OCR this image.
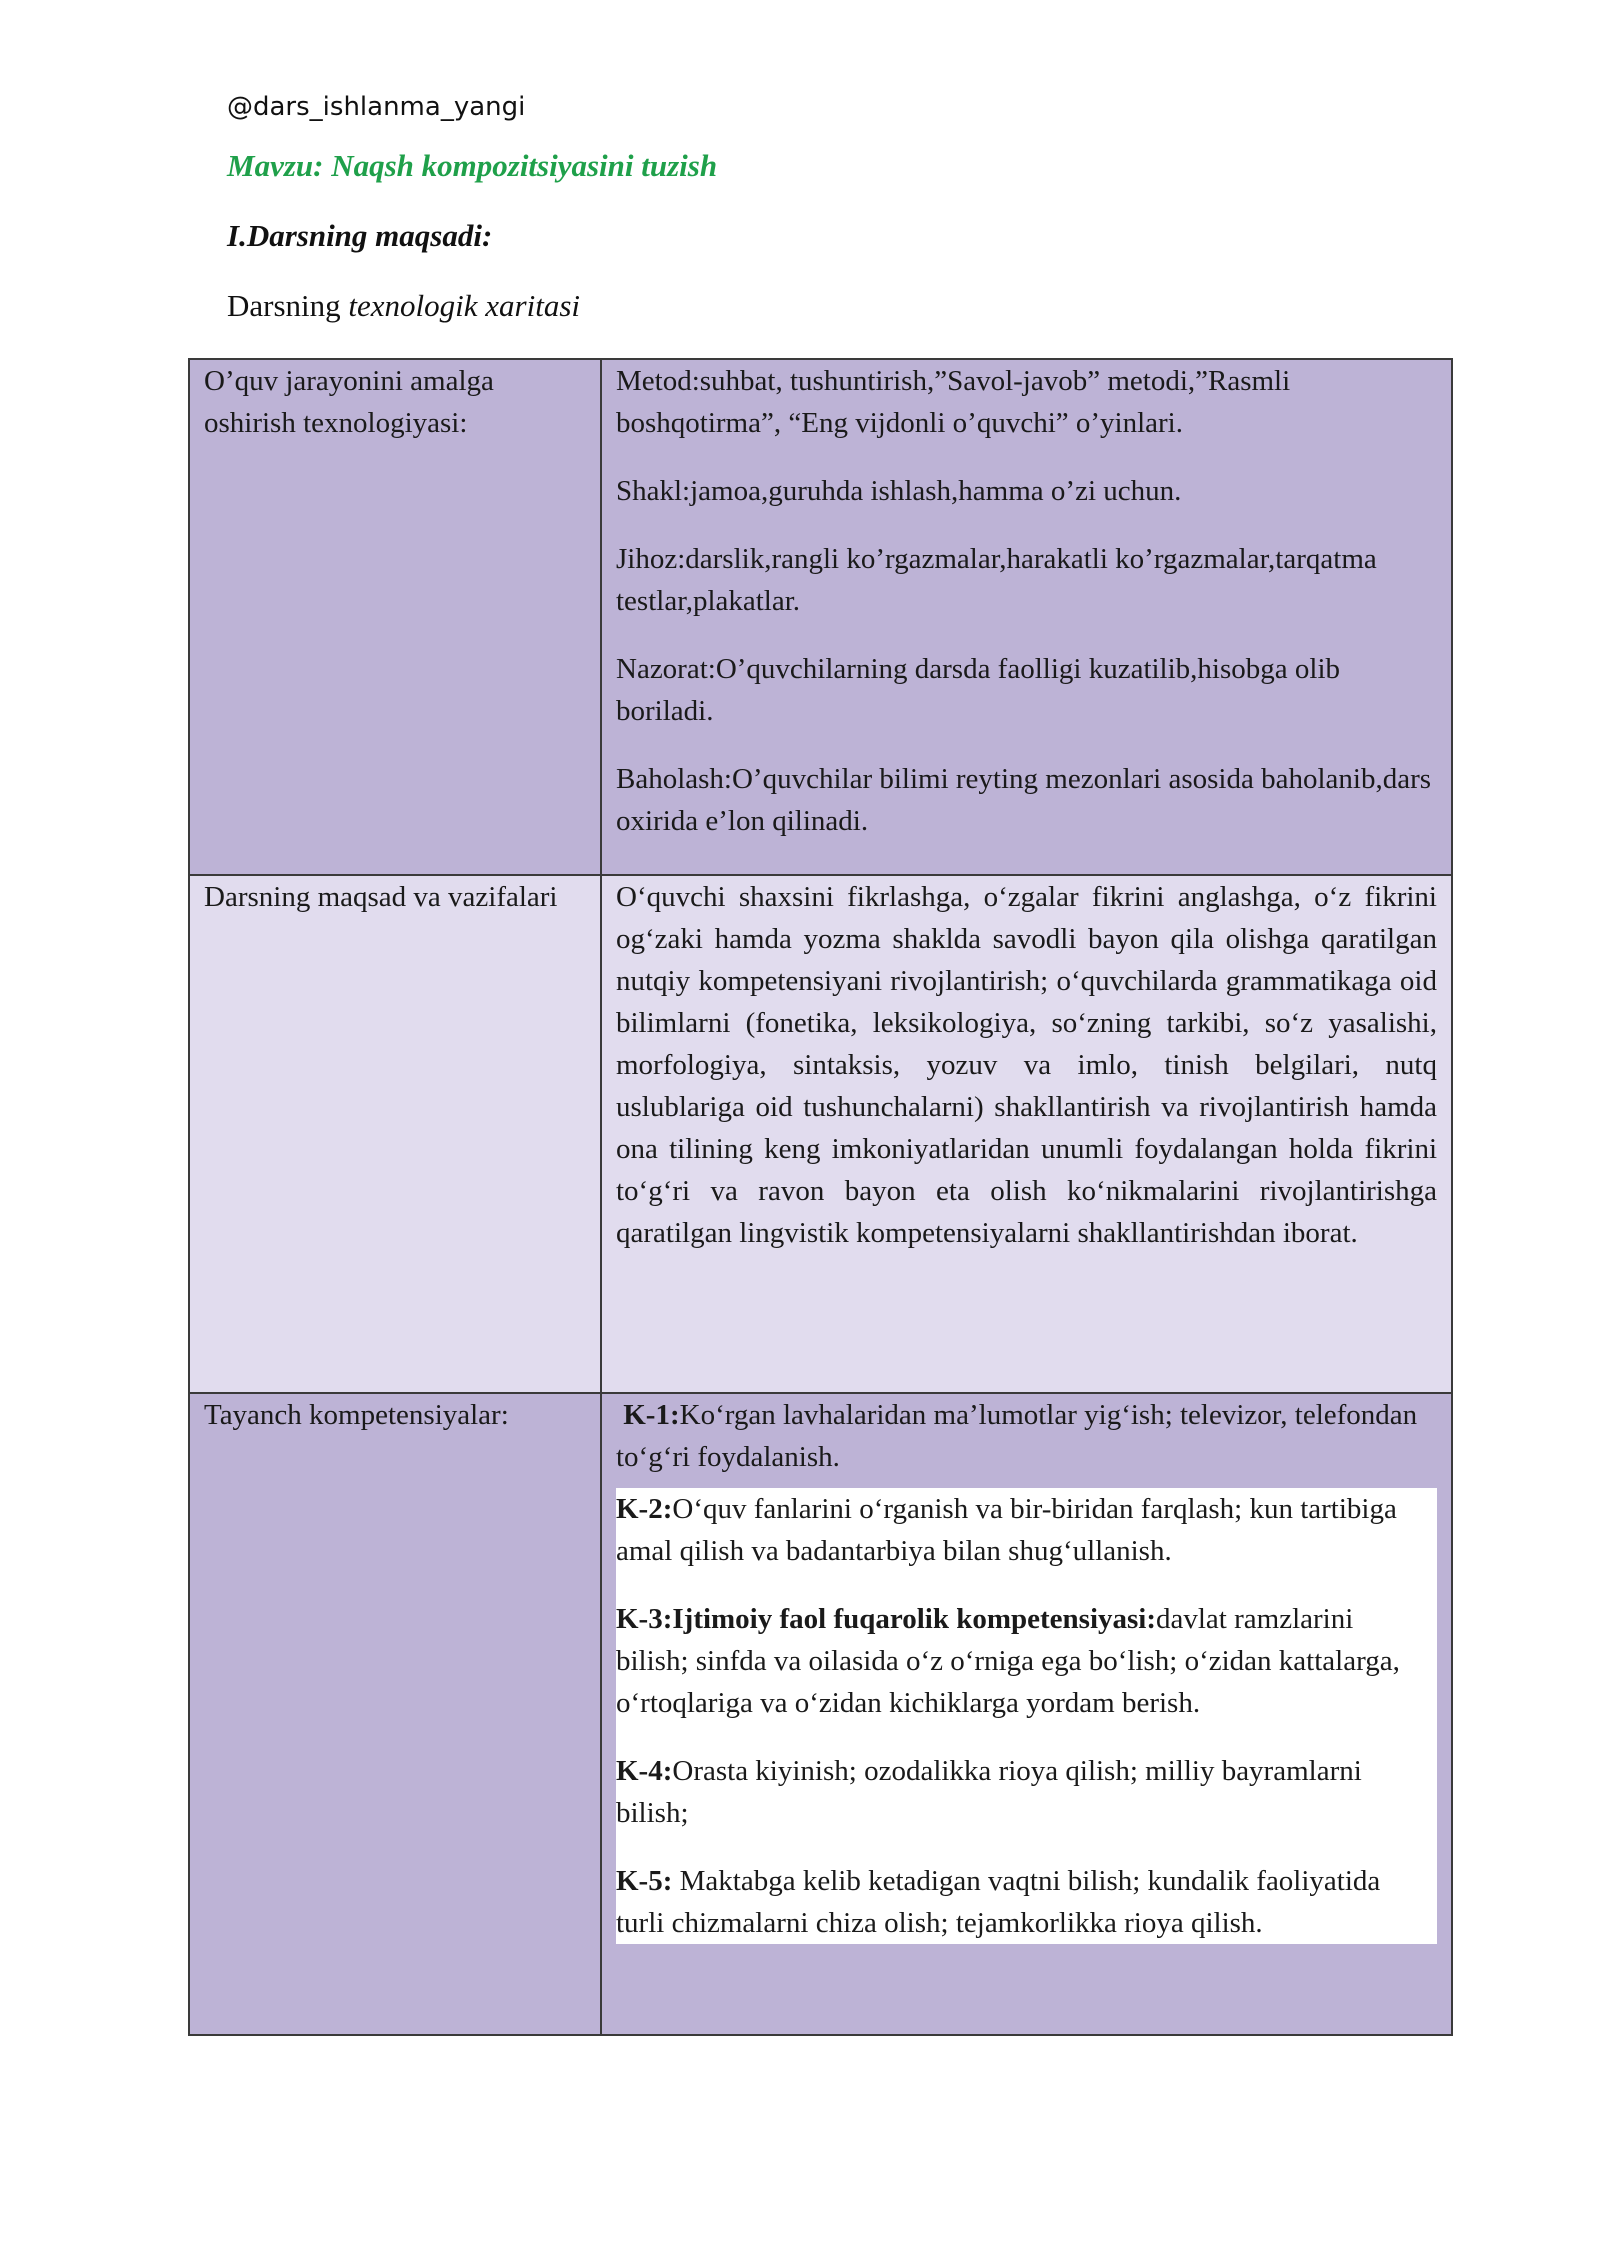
@dars_ishlanma_yangi
Mavzu: Naqsh kompozitsiyasini tuzish
I.Darsning maqsadi:
Darsning texnologik xaritasi
O’quv jarayonini amalga oshirish texnologiyasi:	Metod:suhbat, tushuntirish,”Savol-javob” metodi,”Rasmli boshqotirma”, “Eng vijdonli o’quvchi” o’yinlari.

Shakl:jamoa,guruhda ishlash,hamma o’zi uchun.

Jihoz:darslik,rangli ko’rgazmalar,harakatli ko’rgazmalar,tarqatma testlar,plakatlar.

Nazorat:O’quvchilarning darsda faolligi kuzatilib,hisobga olib boriladi.

Baholash:O’quvchilar bilimi reyting mezonlari asosida baholanib,dars oxirida e’lon qilinadi.

Darsning maqsad va vazifalari	O‘quvchi shaxsini fikrlashga, o‘zgalar fikrini anglashga, o‘z fikrini og‘zaki hamda yozma shaklda savodli bayon qila olishga qaratilgan nutqiy kompetensiyani rivojlantirish; o‘quvchilarda grammatikaga oid bilimlarni (fonetika, leksikologiya, so‘zning tarkibi, so‘z yasalishi, morfologiya, sintaksis, yozuv va imlo, tinish belgilari, nutq uslublariga oid tushunchalarni) shakllantirish va rivojlantirish hamda ona tilining keng imkoniyatlaridan unumli foydalangan holda fikrini to‘g‘ri va ravon bayon eta olish ko‘nikmalarini rivojlantirishga qaratilgan lingvistik kompetensiyalarni shakllantirishdan iborat.
Tayanch kompetensiyalar:	K-1:Ko‘rgan lavhalaridan ma’lumotlar yig‘ish; televizor, telefondan to‘g‘ri foydalanish.

K-2:O‘quv fanlarini o‘rganish va bir-biridan farqlash; kun tartibiga amal qilish va badantarbiya bilan shug‘ullanish.

K-3:Ijtimoiy faol fuqarolik kompetensiyasi:davlat ramzlarini bilish; sinfda va oilasida o‘z o‘rniga ega bo‘lish; o‘zidan kattalarga, o‘rtoqlariga va o‘zidan kichiklarga yordam berish.

K-4:Orasta kiyinish; ozodalikka rioya qilish; milliy bayramlarni bilish;

K-5: Maktabga kelib ketadigan vaqtni bilish; kundalik faoliyatida turli chizmalarni chiza olish; tejamkorlikka rioya qilish.
